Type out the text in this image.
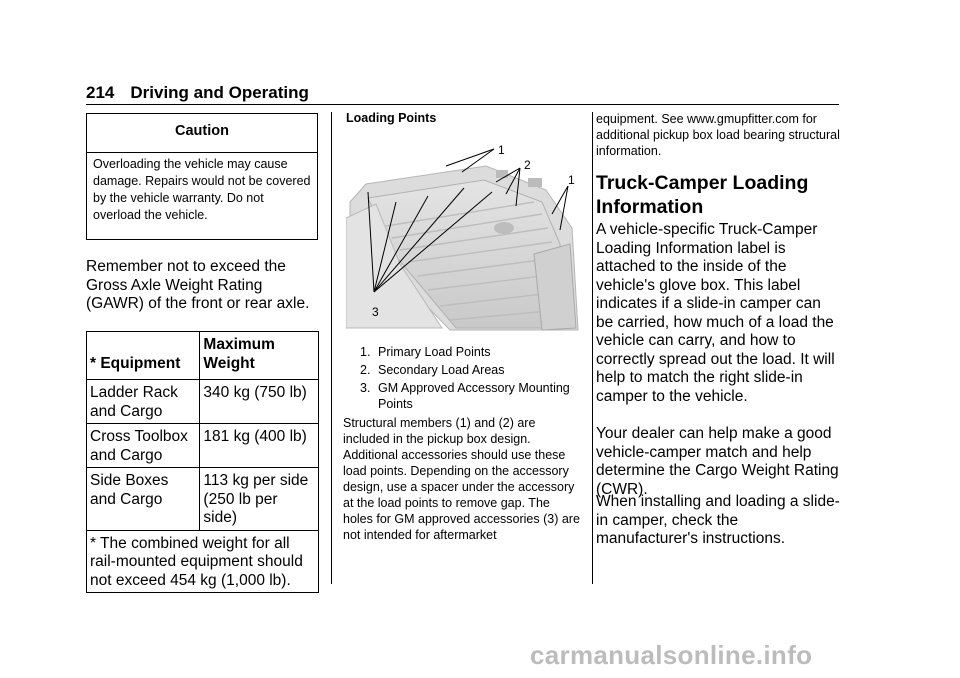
214 Driving and Operating
Caution
Overloading the vehicle may cause damage. Repairs would not be covered by the vehicle warranty. Do not overload the vehicle.
Remember not to exceed the Gross Axle Weight Rating (GAWR) of the front or rear axle.
* Equipment	Maximum Weight
Ladder Rack and Cargo	340 kg (750 lb)
Cross Toolbox and Cargo	181 kg (400 lb)
Side Boxes and Cargo	113 kg per side (250 lb per side)
* The combined weight for all rail-mounted equipment should not exceed 454 kg (1,000 lb).	
Loading Points
1
2
1
3
1. Primary Load Points
2. Secondary Load Areas
3. GM Approved Accessory Mounting Points
Structural members (1) and (2) are included in the pickup box design. Additional accessories should use these load points. Depending on the accessory design, use a spacer under the accessory at the load points to remove gap. The holes for GM approved accessories (3) are not intended for aftermarket
equipment. See www.gmupfitter.com for additional pickup box load bearing structural information.
Truck-Camper Loading Information
A vehicle-specific Truck-Camper Loading Information label is attached to the inside of the vehicle's glove box. This label indicates if a slide-in camper can be carried, how much of a load the vehicle can carry, and how to correctly spread out the load. It will help to match the right slide-in camper to the vehicle.
Your dealer can help make a good vehicle-camper match and help determine the Cargo Weight Rating (CWR).
When installing and loading a slide-in camper, check the manufacturer's instructions.
carmanualsonline.info
